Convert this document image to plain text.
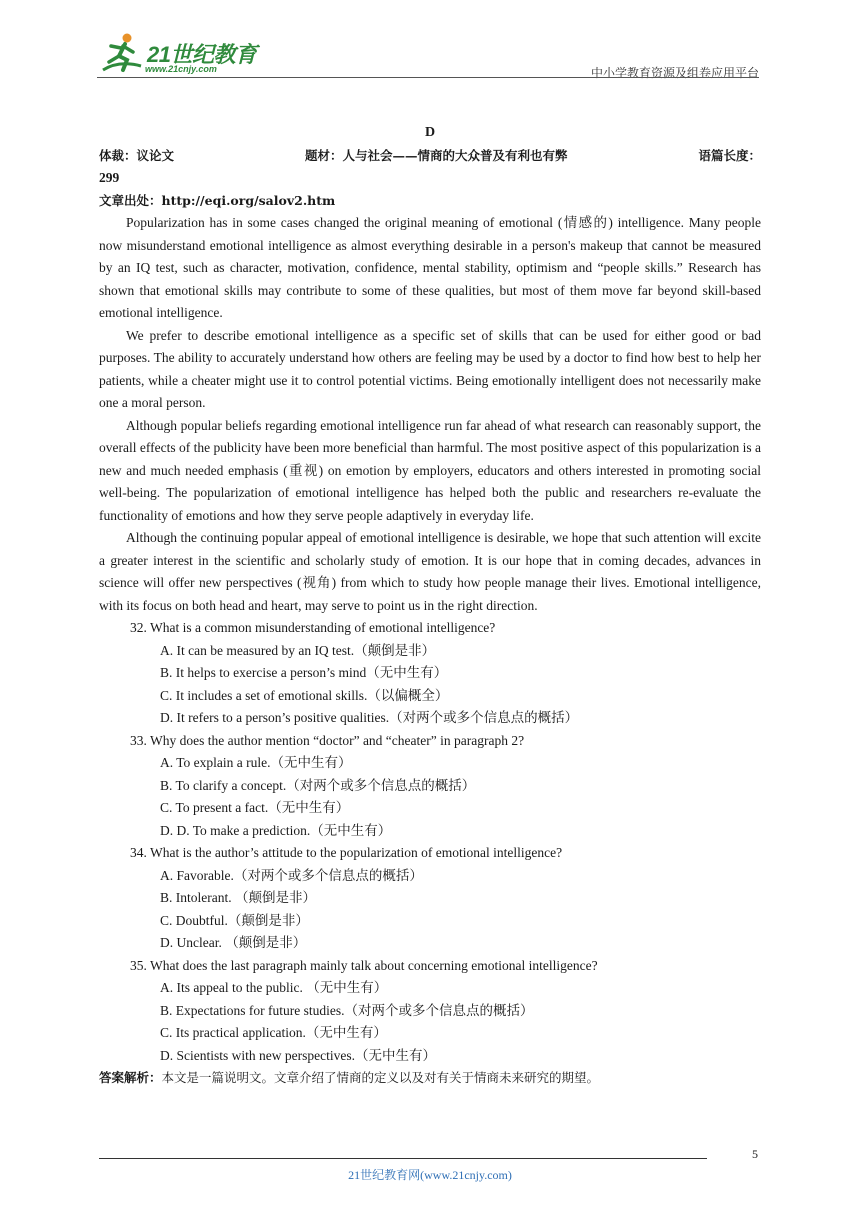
21世纪教育
www.21cnjy.com	中小学教育资源及组卷应用平台
D
体裁：议论文	题材：人与社会——情商的大众普及有利也有弊	语篇长度：
299
文章出处：http://eqi.org/salov2.htm

Popularization has in some cases changed the original meaning of emotional (情感的) intelligence. Many people now misunderstand emotional intelligence as almost everything desirable in a person's makeup that cannot be measured by an IQ test, such as character, motivation, confidence, mental stability, optimism and “people skills.” Research has shown that emotional skills may contribute to some of these qualities, but most of them move far beyond skill-based emotional intelligence.

We prefer to describe emotional intelligence as a specific set of skills that can be used for either good or bad purposes. The ability to accurately understand how others are feeling may be used by a doctor to find how best to help her patients, while a cheater might use it to control potential victims. Being emotionally intelligent does not necessarily make one a moral person.

Although popular beliefs regarding emotional intelligence run far ahead of what research can reasonably support, the overall effects of the publicity have been more beneficial than harmful. The most positive aspect of this popularization is a new and much needed emphasis (重视) on emotion by employers, educators and others interested in promoting social well-being. The popularization of emotional intelligence has helped both the public and researchers re-evaluate the functionality of emotions and how they serve people adaptively in everyday life.

Although the continuing popular appeal of emotional intelligence is desirable, we hope that such attention will excite a greater interest in the scientific and scholarly study of emotion. It is our hope that in coming decades, advances in science will offer new perspectives (视角) from which to study how people manage their lives. Emotional intelligence, with its focus on both head and heart, may serve to point us in the right direction.

32. What is a common misunderstanding of emotional intelligence?

A. It can be measured by an IQ test.（颠倒是非）

B. It helps to exercise a person’s mind（无中生有）

C. It includes a set of emotional skills.（以偏概全）

D. It refers to a person’s positive qualities.（对两个或多个信息点的概括）

33. Why does the author mention “doctor” and “cheater” in paragraph 2?

A. To explain a rule.（无中生有）

B. To clarify a concept.（对两个或多个信息点的概括）

C. To present a fact.（无中生有）

D. D. To make a prediction.（无中生有）

34. What is the author’s attitude to the popularization of emotional intelligence?

A. Favorable.（对两个或多个信息点的概括）

B. Intolerant. （颠倒是非）

C. Doubtful.（颠倒是非）

D. Unclear. （颠倒是非）

35. What does the last paragraph mainly talk about concerning emotional intelligence?

A. Its appeal to the public. （无中生有）

B. Expectations for future studies.（对两个或多个信息点的概括）

C. Its practical application.（无中生有）

D. Scientists with new perspectives.（无中生有）

答案解析：本文是一篇说明文。文章介绍了情商的定义以及对有关于情商未来研究的期望。

5
21世纪教育网(www.21cnjy.com)
